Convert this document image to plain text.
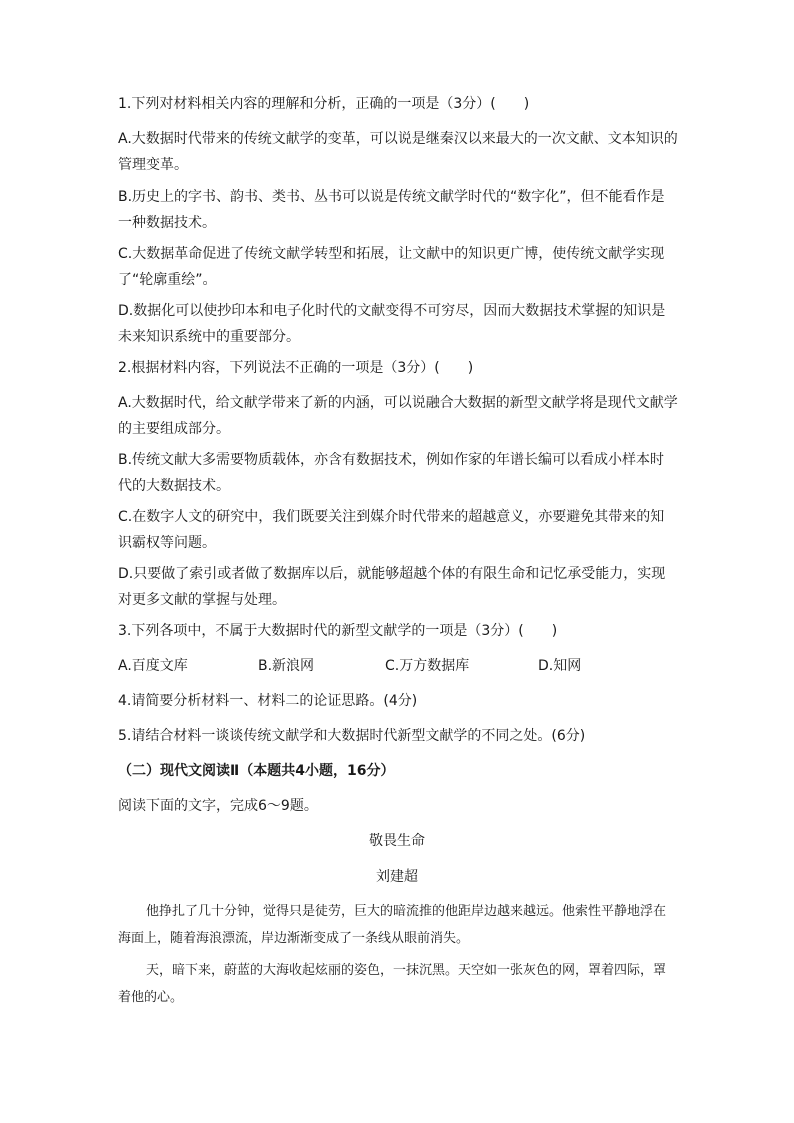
1.下列对材料相关内容的理解和分析，正确的一项是（3分）(　　)

A.大数据时代带来的传统文献学的变革，可以说是继秦汉以来最大的一次文献、文本知识的管理变革。

B.历史上的字书、韵书、类书、丛书可以说是传统文献学时代的“数字化”，但不能看作是一种数据技术。

C.大数据革命促进了传统文献学转型和拓展，让文献中的知识更广博，使传统文献学实现了“轮廓重绘”。

D.数据化可以使抄印本和电子化时代的文献变得不可穷尽，因而大数据技术掌握的知识是未来知识系统中的重要部分。

2.根据材料内容，下列说法不正确的一项是（3分）(　　)

A.大数据时代，给文献学带来了新的内涵，可以说融合大数据的新型文献学将是现代文献学的主要组成部分。

B.传统文献大多需要物质载体，亦含有数据技术，例如作家的年谱长编可以看成小样本时代的大数据技术。

C.在数字人文的研究中，我们既要关注到媒介时代带来的超越意义，亦要避免其带来的知识霸权等问题。

D.只要做了索引或者做了数据库以后，就能够超越个体的有限生命和记忆承受能力，实现对更多文献的掌握与处理。

3.下列各项中，不属于大数据时代的新型文献学的一项是（3分）(　　)

A.百度文库	B.新浪网	C.万方数据库	D.知网

4.请简要分析材料一、材料二的论证思路。(4分)

5.请结合材料一谈谈传统文献学和大数据时代新型文献学的不同之处。(6分)

（二）现代文阅读Ⅱ（本题共4小题，16分）

阅读下面的文字，完成6～9题。

敬畏生命

刘建超

他挣扎了几十分钟，觉得只是徒劳，巨大的暗流推的他距岸边越来越远。他索性平静地浮在海面上，随着海浪漂流，岸边渐渐变成了一条线从眼前消失。

天，暗下来，蔚蓝的大海收起炫丽的姿色，一抹沉黑。天空如一张灰色的网，罩着四际，罩着他的心。
